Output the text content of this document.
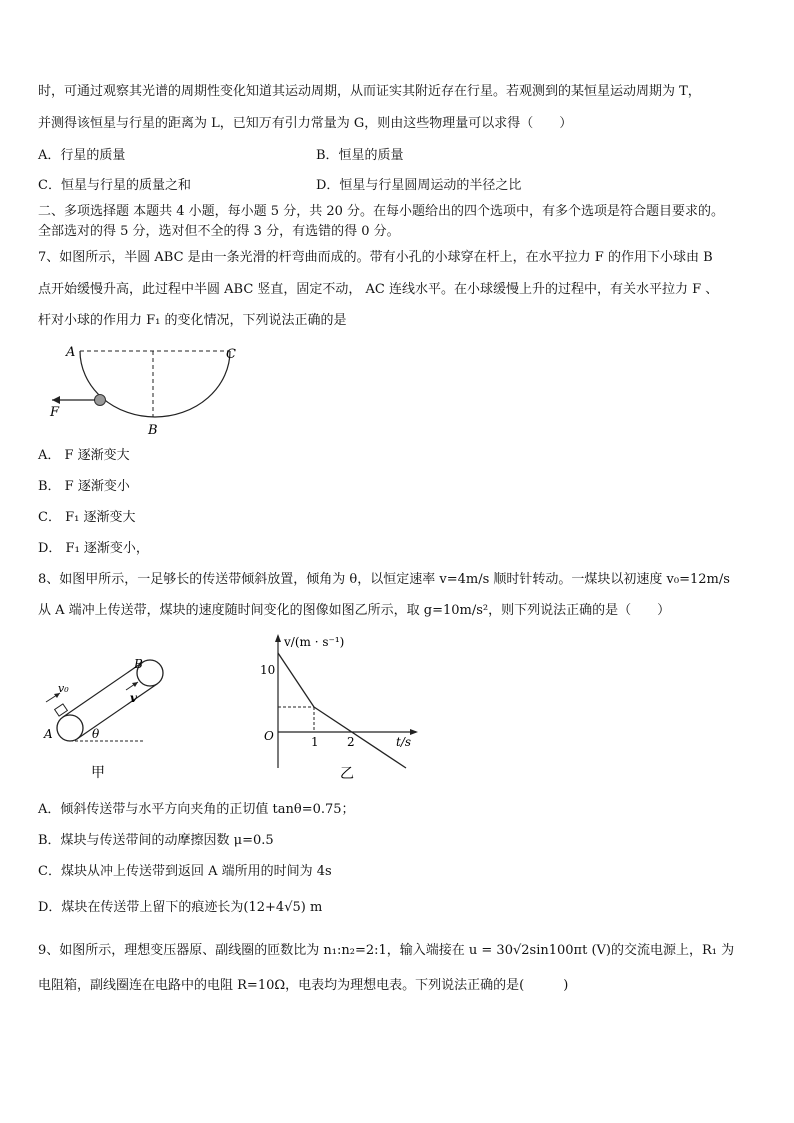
时，可通过观察其光谱的周期性变化知道其运动周期，从而证实其附近存在行星。若观测到的某恒星运动周期为 T，
并测得该恒星与行星的距离为 L，已知万有引力常量为 G，则由这些物理量可以求得（　　）
A．行星的质量	B．恒星的质量
C．恒星与行星的质量之和	D．恒星与行星圆周运动的半径之比
二、多项选择题 本题共 4 小题，每小题 5 分，共 20 分。在每小题给出的四个选项中，有多个选项是符合题目要求的。
全部选对的得 5 分，选对但不全的得 3 分，有选错的得 0 分。
7、如图所示，半圆 ABC 是由一条光滑的杆弯曲而成的。带有小孔的小球穿在杆上，在水平拉力 F 的作用下小球由 B
点开始缓慢升高，此过程中半圆 ABC 竖直，固定不动， AC 连线水平。在小球缓慢上升的过程中，有关水平拉力 F 、
杆对小球的作用力 F₁ 的变化情况，下列说法正确的是
A	C
B
F
A． F 逐渐变大
B． F 逐渐变小
C． F₁ 逐渐变大
D． F₁ 逐渐变小，
8、如图甲所示，一足够长的传送带倾斜放置，倾角为 θ，以恒定速率 v=4m/s 顺时针转动。一煤块以初速度 v₀=12m/s
从 A 端冲上传送带，煤块的速度随时间变化的图像如图乙所示，取 g=10m/s²，则下列说法正确的是（　　）
B
A
v₀
v
θ
甲
v/(m · s⁻¹)
10
O	1 2	t/s
乙
A．倾斜传送带与水平方向夹角的正切值 tanθ=0.75；
B．煤块与传送带间的动摩擦因数 μ=0.5
C．煤块从冲上传送带到返回 A 端所用的时间为 4s
D．煤块在传送带上留下的痕迹长为(12+4√5) m
9、如图所示，理想变压器原、副线圈的匝数比为 n₁:n₂=2:1，输入端接在 u = 30√2sin100πt (V)的交流电源上，R₁ 为
电阻箱，副线圈连在电路中的电阻 R=10Ω，电表均为理想电表。下列说法正确的是(　　　)
